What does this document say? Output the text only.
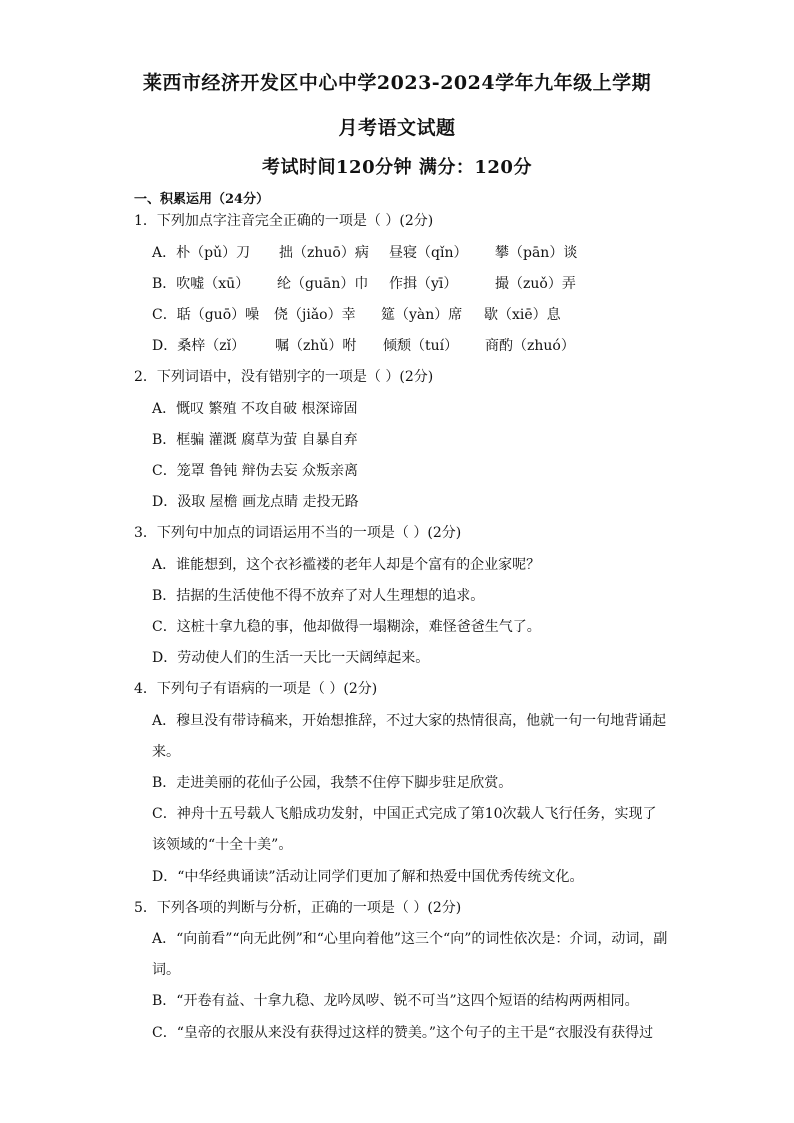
莱西市经济开发区中心中学2023-2024学年九年级上学期
月考语文试题
考试时间120分钟 满分：120分
一、积累运用（24分）
1．下列加点字注音完全正确的一项是（ ）(2分)
A．朴（pǔ）刀 拙（zhuō）病 昼寝（qǐn） 攀（pān）谈
B．吹嘘（xū） 纶（guān）巾 作揖（yī）	撮（zuǒ）弄
C．聒（guō）噪 侥（jiǎo）幸 筵（yàn）席 歇（xiē）息
D．桑梓（zǐ） 嘱（zhǔ）咐 倾颓（tuí） 商酌（zhuó）
2．下列词语中，没有错别字的一项是（ ）(2分)
A．慨叹 繁殖 不攻自破 根深谛固
B．框骗 灌溉 腐草为萤 自暴自弃
C．笼罩 鲁钝 辩伪去妄 众叛亲离
D．汲取 屋檐 画龙点睛 走投无路
3．下列句中加点的词语运用不当的一项是（ ）(2分)
A．谁能想到，这个衣衫褴褛的老年人却是个富有的企业家呢？
B．拮据的生活使他不得不放弃了对人生理想的追求。
C．这桩十拿九稳的事，他却做得一塌糊涂，难怪爸爸生气了。
D．劳动使人们的生活一天比一天阔绰起来。
4．下列句子有语病的一项是（ ）(2分)
A．穆旦没有带诗稿来，开始想推辞，不过大家的热情很高，他就一句一句地背诵起
来。
B．走进美丽的花仙子公园，我禁不住停下脚步驻足欣赏。
C．神舟十五号载人飞船成功发射，中国正式完成了第10次载人飞行任务，实现了
该领域的“十全十美”。
D．“中华经典诵读”活动让同学们更加了解和热爱中国优秀传统文化。
5．下列各项的判断与分析，正确的一项是（ ）(2分)
A．“向前看”“向无此例”和“心里向着他”这三个“向”的词性依次是：介词，动词，副
词。
B．“开卷有益、十拿九稳、龙吟凤哕、锐不可当”这四个短语的结构两两相同。
C．“皇帝的衣服从来没有获得过这样的赞美。”这个句子的主干是“衣服没有获得过
